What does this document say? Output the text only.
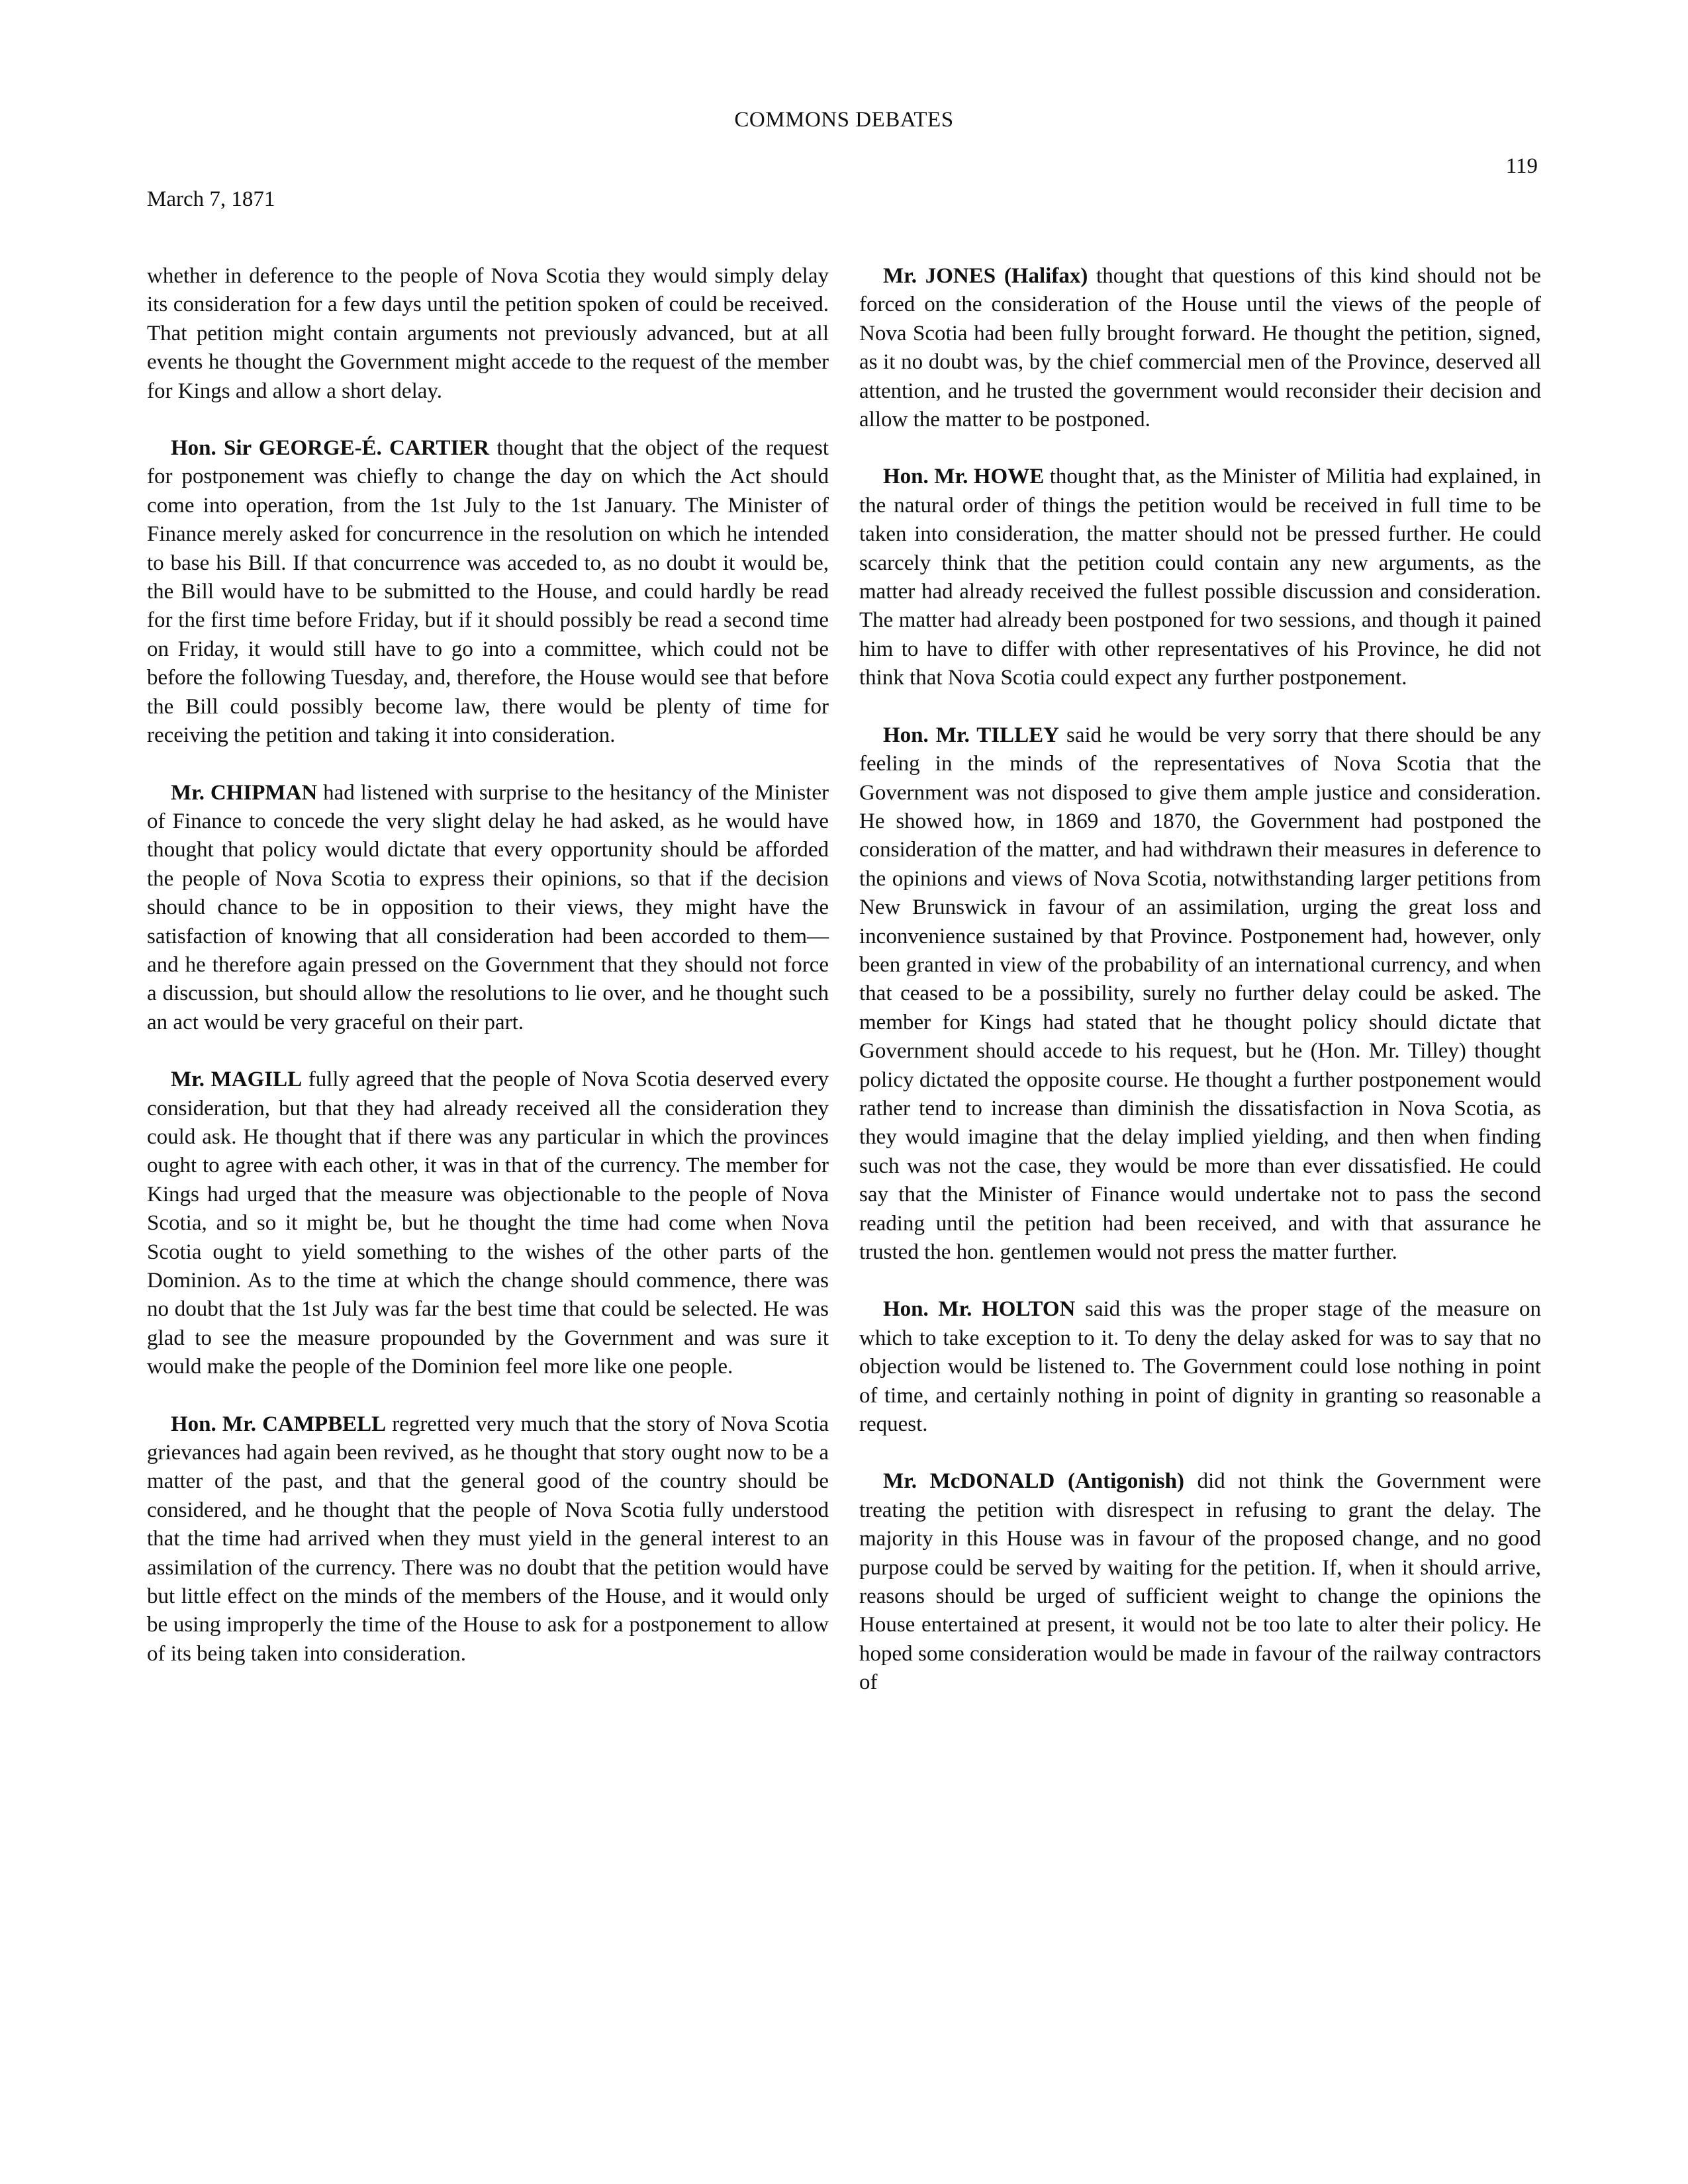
COMMONS DEBATES
119
March 7, 1871

whether in deference to the people of Nova Scotia they would simply delay its consideration for a few days until the petition spoken of could be received. That petition might contain arguments not previously advanced, but at all events he thought the Government might accede to the request of the member for Kings and allow a short delay.

Hon. Sir GEORGE-É. CARTIER thought that the object of the request for postponement was chiefly to change the day on which the Act should come into operation, from the 1st July to the 1st January. The Minister of Finance merely asked for concurrence in the resolution on which he intended to base his Bill. If that concurrence was acceded to, as no doubt it would be, the Bill would have to be submitted to the House, and could hardly be read for the first time before Friday, but if it should possibly be read a second time on Friday, it would still have to go into a committee, which could not be before the following Tuesday, and, therefore, the House would see that before the Bill could possibly become law, there would be plenty of time for receiving the petition and taking it into consideration.

Mr. CHIPMAN had listened with surprise to the hesitancy of the Minister of Finance to concede the very slight delay he had asked, as he would have thought that policy would dictate that every opportunity should be afforded the people of Nova Scotia to express their opinions, so that if the decision should chance to be in opposition to their views, they might have the satisfaction of knowing that all consideration had been accorded to them—and he therefore again pressed on the Government that they should not force a discussion, but should allow the resolutions to lie over, and he thought such an act would be very graceful on their part.

Mr. MAGILL fully agreed that the people of Nova Scotia deserved every consideration, but that they had already received all the consideration they could ask. He thought that if there was any particular in which the provinces ought to agree with each other, it was in that of the currency. The member for Kings had urged that the measure was objectionable to the people of Nova Scotia, and so it might be, but he thought the time had come when Nova Scotia ought to yield something to the wishes of the other parts of the Dominion. As to the time at which the change should commence, there was no doubt that the 1st July was far the best time that could be selected. He was glad to see the measure propounded by the Government and was sure it would make the people of the Dominion feel more like one people.

Hon. Mr. CAMPBELL regretted very much that the story of Nova Scotia grievances had again been revived, as he thought that story ought now to be a matter of the past, and that the general good of the country should be considered, and he thought that the people of Nova Scotia fully understood that the time had arrived when they must yield in the general interest to an assimilation of the currency. There was no doubt that the petition would have but little effect on the minds of the members of the House, and it would only be using improperly the time of the House to ask for a postponement to allow of its being taken into consideration.

Mr. JONES (Halifax) thought that questions of this kind should not be forced on the consideration of the House until the views of the people of Nova Scotia had been fully brought forward. He thought the petition, signed, as it no doubt was, by the chief commercial men of the Province, deserved all attention, and he trusted the government would reconsider their decision and allow the matter to be postponed.

Hon. Mr. HOWE thought that, as the Minister of Militia had explained, in the natural order of things the petition would be received in full time to be taken into consideration, the matter should not be pressed further. He could scarcely think that the petition could contain any new arguments, as the matter had already received the fullest possible discussion and consideration. The matter had already been postponed for two sessions, and though it pained him to have to differ with other representatives of his Province, he did not think that Nova Scotia could expect any further postponement.

Hon. Mr. TILLEY said he would be very sorry that there should be any feeling in the minds of the representatives of Nova Scotia that the Government was not disposed to give them ample justice and consideration. He showed how, in 1869 and 1870, the Government had postponed the consideration of the matter, and had withdrawn their measures in deference to the opinions and views of Nova Scotia, notwithstanding larger petitions from New Brunswick in favour of an assimilation, urging the great loss and inconvenience sustained by that Province. Postponement had, however, only been granted in view of the probability of an international currency, and when that ceased to be a possibility, surely no further delay could be asked. The member for Kings had stated that he thought policy should dictate that Government should accede to his request, but he (Hon. Mr. Tilley) thought policy dictated the opposite course. He thought a further postponement would rather tend to increase than diminish the dissatisfaction in Nova Scotia, as they would imagine that the delay implied yielding, and then when finding such was not the case, they would be more than ever dissatisfied. He could say that the Minister of Finance would undertake not to pass the second reading until the petition had been received, and with that assurance he trusted the hon. gentlemen would not press the matter further.

Hon. Mr. HOLTON said this was the proper stage of the measure on which to take exception to it. To deny the delay asked for was to say that no objection would be listened to. The Government could lose nothing in point of time, and certainly nothing in point of dignity in granting so reasonable a request.

Mr. McDONALD (Antigonish) did not think the Government were treating the petition with disrespect in refusing to grant the delay. The majority in this House was in favour of the proposed change, and no good purpose could be served by waiting for the petition. If, when it should arrive, reasons should be urged of sufficient weight to change the opinions the House entertained at present, it would not be too late to alter their policy. He hoped some consideration would be made in favour of the railway contractors of
